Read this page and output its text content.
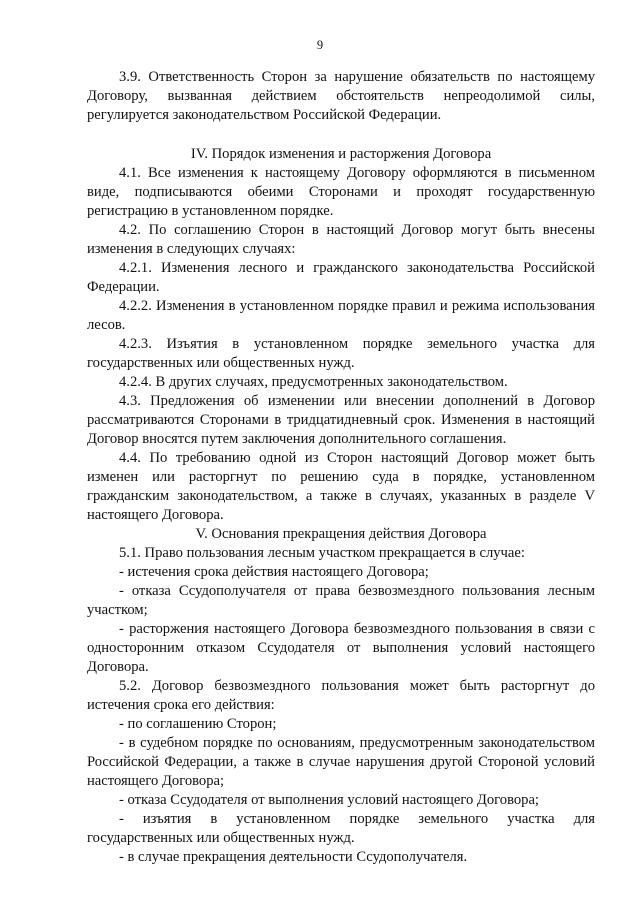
9

3.9. Ответственность Сторон за нарушение обязательств по настоящему Договору, вызванная действием обстоятельств непреодолимой силы, регулируется законодательством Российской Федерации.

IV. Порядок изменения и расторжения Договора

4.1. Все изменения к настоящему Договору оформляются в письменном виде, подписываются обеими Сторонами и проходят государственную регистрацию в установленном порядке.

4.2. По соглашению Сторон в настоящий Договор могут быть внесены изменения в следующих случаях:

4.2.1. Изменения лесного и гражданского законодательства Российской Федерации.

4.2.2. Изменения в установленном порядке правил и режима использования лесов.

4.2.3. Изъятия в установленном порядке земельного участка для государственных или общественных нужд.

4.2.4. В других случаях, предусмотренных законодательством.

4.3. Предложения об изменении или внесении дополнений в Договор рассматриваются Сторонами в тридцатидневный срок. Изменения в настоящий Договор вносятся путем заключения дополнительного соглашения.

4.4. По требованию одной из Сторон настоящий Договор может быть изменен или расторгнут по решению суда в порядке, установленном гражданским законодательством, а также в случаях, указанных в разделе V настоящего Договора.

V. Основания прекращения действия Договора

5.1. Право пользования лесным участком прекращается в случае:

- истечения срока действия настоящего Договора;

- отказа Ссудополучателя от права безвозмездного пользования лесным участком;

- расторжения настоящего Договора безвозмездного пользования в связи с односторонним отказом Ссудодателя от выполнения условий настоящего Договора.

5.2. Договор безвозмездного пользования может быть расторгнут до истечения срока его действия:

- по соглашению Сторон;

- в судебном порядке по основаниям, предусмотренным законодательством Российской Федерации, а также в случае нарушения другой Стороной условий настоящего Договора;

- отказа Ссудодателя от выполнения условий настоящего Договора;

- изъятия в установленном порядке земельного участка для государственных или общественных нужд.

- в случае прекращения деятельности Ссудополучателя.
